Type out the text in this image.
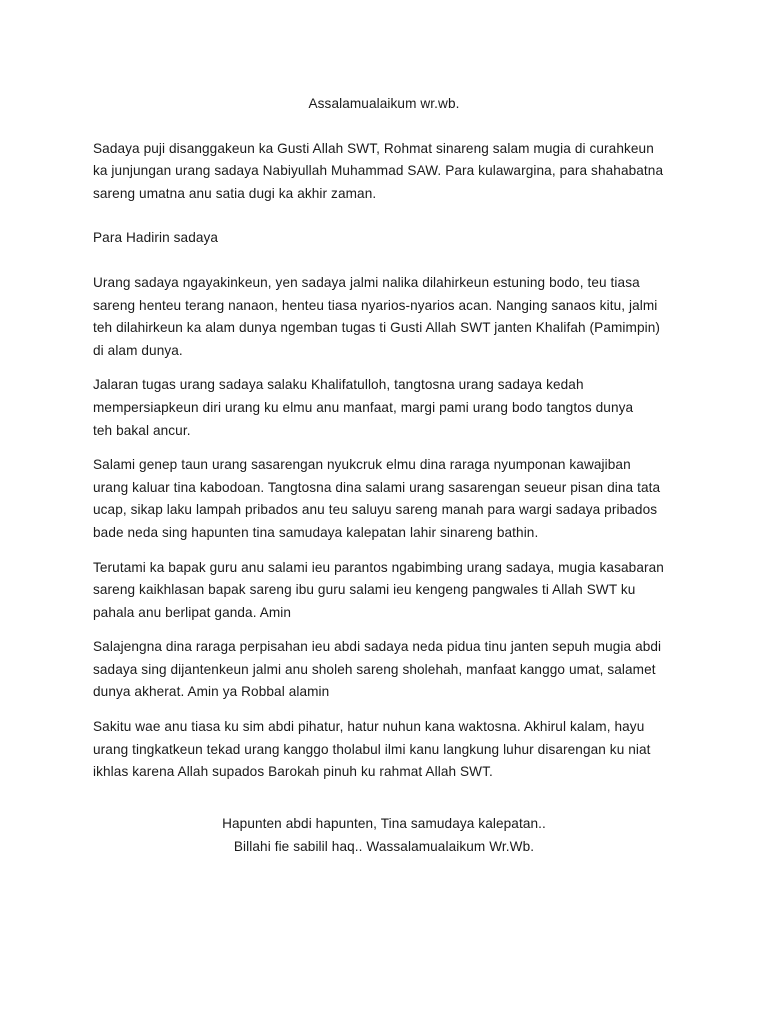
Assalamualaikum wr.wb.
Sadaya puji disanggakeun ka Gusti Allah SWT, Rohmat sinareng salam mugia di curahkeun
ka junjungan urang sadaya Nabiyullah Muhammad SAW. Para kulawargina, para shahabatna
sareng umatna anu satia dugi ka akhir zaman.
Para Hadirin sadaya
Urang sadaya ngayakinkeun, yen sadaya jalmi nalika dilahirkeun estuning bodo, teu tiasa
sareng henteu terang nanaon, henteu tiasa nyarios-nyarios acan. Nanging sanaos kitu, jalmi
teh dilahirkeun ka alam dunya ngemban tugas ti Gusti Allah SWT janten Khalifah (Pamimpin)
di alam dunya.
Jalaran tugas urang sadaya salaku Khalifatulloh, tangtosna urang sadaya kedah
mempersiapkeun diri urang ku elmu anu manfaat, margi pami urang bodo tangtos dunya
teh bakal ancur.
Salami genep taun urang sasarengan nyukcruk elmu dina raraga nyumponan kawajiban
urang kaluar tina kabodoan. Tangtosna dina salami urang sasarengan seueur pisan dina tata
ucap, sikap laku lampah pribados anu teu saluyu sareng manah para wargi sadaya pribados
bade neda sing hapunten tina samudaya kalepatan lahir sinareng bathin.
Terutami ka bapak guru anu salami ieu parantos ngabimbing urang sadaya, mugia kasabaran
sareng kaikhlasan bapak sareng ibu guru salami ieu kengeng pangwales ti Allah SWT ku
pahala anu berlipat ganda. Amin
Salajengna dina raraga perpisahan ieu abdi sadaya neda pidua tinu janten sepuh mugia abdi
sadaya sing dijantenkeun jalmi anu sholeh sareng sholehah, manfaat kanggo umat, salamet
dunya akherat. Amin ya Robbal alamin
Sakitu wae anu tiasa ku sim abdi pihatur, hatur nuhun kana waktosna. Akhirul kalam, hayu
urang tingkatkeun tekad urang kanggo tholabul ilmi kanu langkung luhur disarengan ku niat
ikhlas karena Allah supados Barokah pinuh ku rahmat Allah SWT.
Hapunten abdi hapunten, Tina samudaya kalepatan..
Billahi fie sabilil haq.. Wassalamualaikum Wr.Wb.
